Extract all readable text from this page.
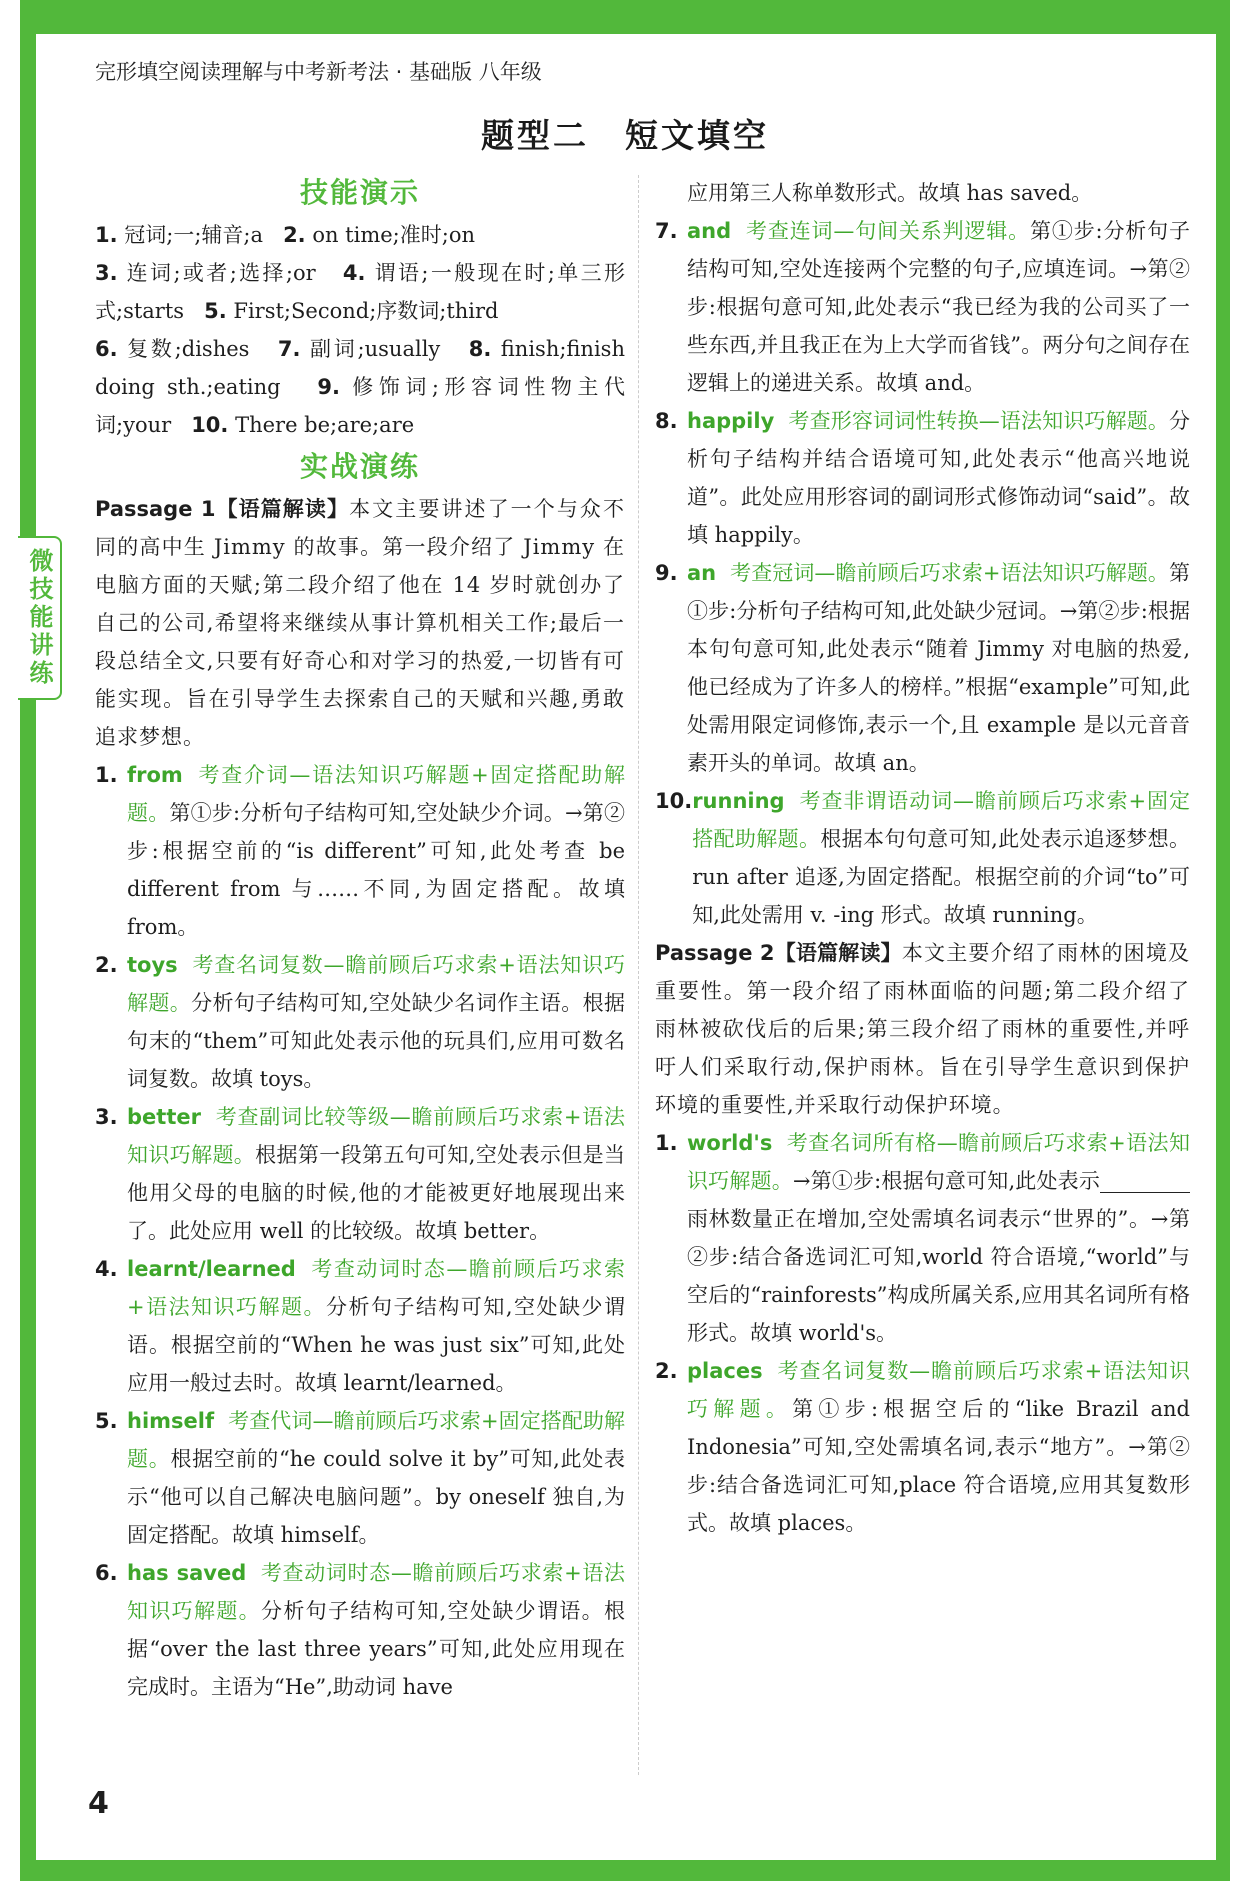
完形填空阅读理解与中考新考法 · 基础版 八年级
题型二　短文填空
微技能讲练
技能演示

1. 冠词;一;辅音;a 2. on time;准时;on
3. 连词;或者;选择;or 4. 谓语;一般现在时;单三形式;starts 5. First;Second;序数词;third
6. 复数;dishes 7. 副词;usually 8. finish;finish doing sth.;eating 9. 修饰词;形容词性物主代词;your 10. There be;are;are

实战演练

Passage 1【语篇解读】本文主要讲述了一个与众不同的高中生 Jimmy 的故事。第一段介绍了 Jimmy 在电脑方面的天赋;第二段介绍了他在 14 岁时就创办了自己的公司,希望将来继续从事计算机相关工作;最后一段总结全文,只要有好奇心和对学习的热爱,一切皆有可能实现。旨在引导学生去探索自己的天赋和兴趣,勇敢追求梦想。

1. from 考查介词—语法知识巧解题+固定搭配助解题。第①步:分析句子结构可知,空处缺少介词。→第②步:根据空前的“is different”可知,此处考查 be different from 与……不同,为固定搭配。故填 from。
2. toys 考查名词复数—瞻前顾后巧求索+语法知识巧解题。分析句子结构可知,空处缺少名词作主语。根据句末的“them”可知此处表示他的玩具们,应用可数名词复数。故填 toys。
3. better 考查副词比较等级—瞻前顾后巧求索+语法知识巧解题。根据第一段第五句可知,空处表示但是当他用父母的电脑的时候,他的才能被更好地展现出来了。此处应用 well 的比较级。故填 better。
4. learnt/learned 考查动词时态—瞻前顾后巧求索+语法知识巧解题。分析句子结构可知,空处缺少谓语。根据空前的“When he was just six”可知,此处应用一般过去时。故填 learnt/learned。
5. himself 考查代词—瞻前顾后巧求索+固定搭配助解题。根据空前的“he could solve it by”可知,此处表示“他可以自己解决电脑问题”。by oneself 独自,为固定搭配。故填 himself。
6. has saved 考查动词时态—瞻前顾后巧求索+语法知识巧解题。分析句子结构可知,空处缺少谓语。根据“over the last three years”可知,此处应用现在完成时。主语为“He”,助动词 have
应用第三人称单数形式。故填 has saved。
7. and 考查连词—句间关系判逻辑。第①步:分析句子结构可知,空处连接两个完整的句子,应填连词。→第②步:根据句意可知,此处表示“我已经为我的公司买了一些东西,并且我正在为上大学而省钱”。两分句之间存在逻辑上的递进关系。故填 and。
8. happily 考查形容词词性转换—语法知识巧解题。分析句子结构并结合语境可知,此处表示“他高兴地说道”。此处应用形容词的副词形式修饰动词“said”。故填 happily。
9. an 考查冠词—瞻前顾后巧求索+语法知识巧解题。第①步:分析句子结构可知,此处缺少冠词。→第②步:根据本句句意可知,此处表示“随着 Jimmy 对电脑的热爱,他已经成为了许多人的榜样。”根据“example”可知,此处需用限定词修饰,表示一个,且 example 是以元音音素开头的单词。故填 an。
10. running 考查非谓语动词—瞻前顾后巧求索+固定搭配助解题。根据本句句意可知,此处表示追逐梦想。run after 追逐,为固定搭配。根据空前的介词“to”可知,此处需用 v. -ing 形式。故填 running。

Passage 2【语篇解读】本文主要介绍了雨林的困境及重要性。第一段介绍了雨林面临的问题;第二段介绍了雨林被砍伐后的后果;第三段介绍了雨林的重要性,并呼吁人们采取行动,保护雨林。旨在引导学生意识到保护环境的重要性,并采取行动保护环境。

1. world's 考查名词所有格—瞻前顾后巧求索+语法知识巧解题。→第①步:根据句意可知,此处表示雨林数量正在增加,空处需填名词表示“世界的”。→第②步:结合备选词汇可知,world 符合语境,“world”与空后的“rainforests”构成所属关系,应用其名词所有格形式。故填 world's。
2. places 考查名词复数—瞻前顾后巧求索+语法知识巧解题。第①步:根据空后的“like Brazil and Indonesia”可知,空处需填名词,表示“地方”。→第②步:结合备选词汇可知,place 符合语境,应用其复数形式。故填 places。
4
